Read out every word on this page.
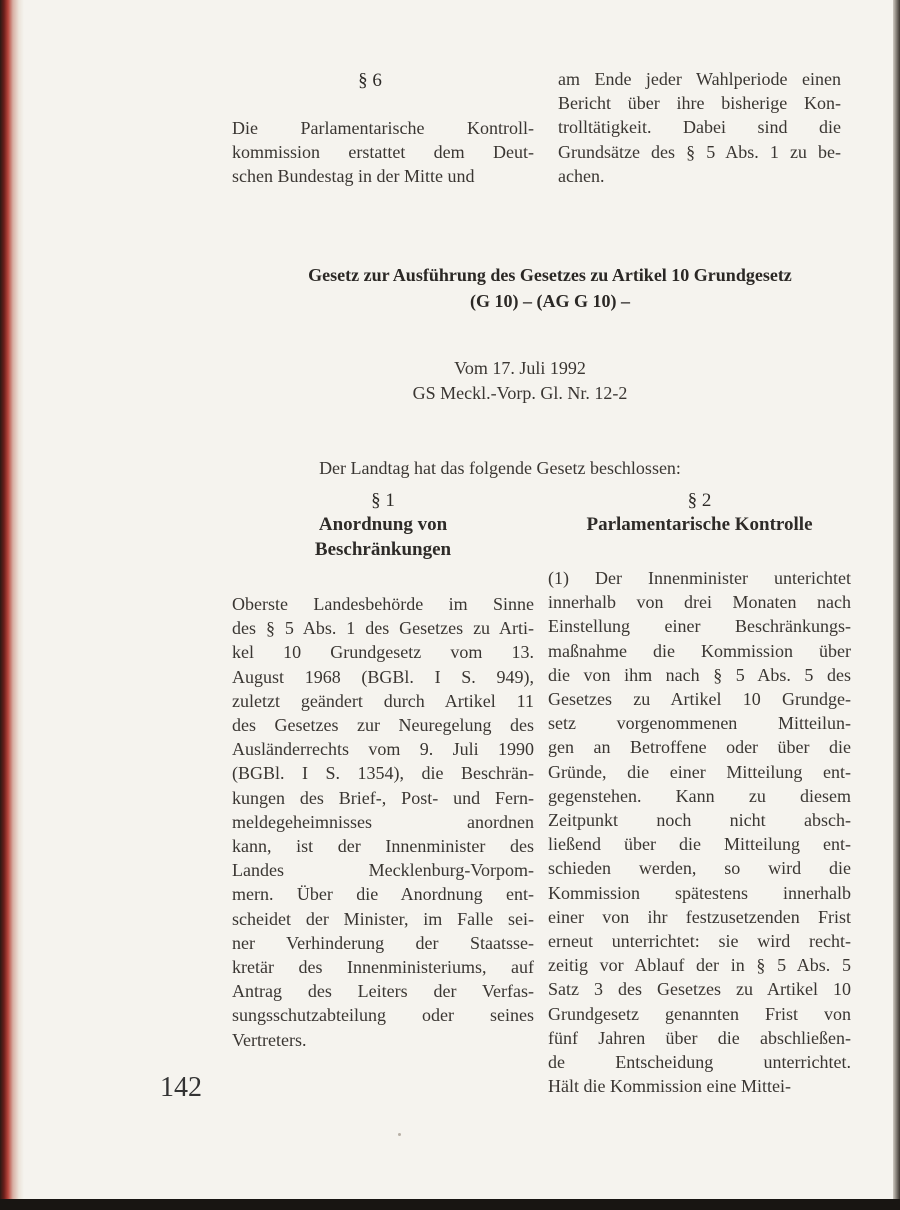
§ 6
Die Parlamentarische Kontroll-
kommission erstattet dem Deut-
schen Bundestag in der Mitte und
am Ende jeder Wahlperiode einen
Bericht über ihre bisherige Kon-
trolltätigkeit. Dabei sind die
Grundsätze des § 5 Abs. 1 zu be-
achen.
Gesetz zur Ausführung des Gesetzes zu Artikel 10 Grundgesetz
(G 10) – (AG G 10) –
Vom 17. Juli 1992
GS Meckl.-Vorp. Gl. Nr. 12-2
Der Landtag hat das folgende Gesetz beschlossen:
§ 1
Anordnung von
Beschränkungen
Oberste Landesbehörde im Sinne
des § 5 Abs. 1 des Gesetzes zu Arti-
kel 10 Grundgesetz vom 13.
August 1968 (BGBl. I S. 949),
zuletzt geändert durch Artikel 11
des Gesetzes zur Neuregelung des
Ausländerrechts vom 9. Juli 1990
(BGBl. I S. 1354), die Beschrän-
kungen des Brief-, Post- und Fern-
meldegeheimnisses anordnen
kann, ist der Innenminister des
Landes Mecklenburg-Vorpom-
mern. Über die Anordnung ent-
scheidet der Minister, im Falle sei-
ner Verhinderung der Staatsse-
kretär des Innenministeriums, auf
Antrag des Leiters der Verfas-
sungsschutzabteilung oder seines
Vertreters.
§ 2
Parlamentarische Kontrolle
(1) Der Innenminister unterichtet
innerhalb von drei Monaten nach
Einstellung einer Beschränkungs-
maßnahme die Kommission über
die von ihm nach § 5 Abs. 5 des
Gesetzes zu Artikel 10 Grundge-
setz vorgenommenen Mitteilun-
gen an Betroffene oder über die
Gründe, die einer Mitteilung ent-
gegenstehen. Kann zu diesem
Zeitpunkt noch nicht absch-
ließend über die Mitteilung ent-
schieden werden, so wird die
Kommission spätestens innerhalb
einer von ihr festzusetzenden Frist
erneut unterrichtet: sie wird recht-
zeitig vor Ablauf der in § 5 Abs. 5
Satz 3 des Gesetzes zu Artikel 10
Grundgesetz genannten Frist von
fünf Jahren über die abschließen-
de Entscheidung unterrichtet.
Hält die Kommission eine Mittei-
142
